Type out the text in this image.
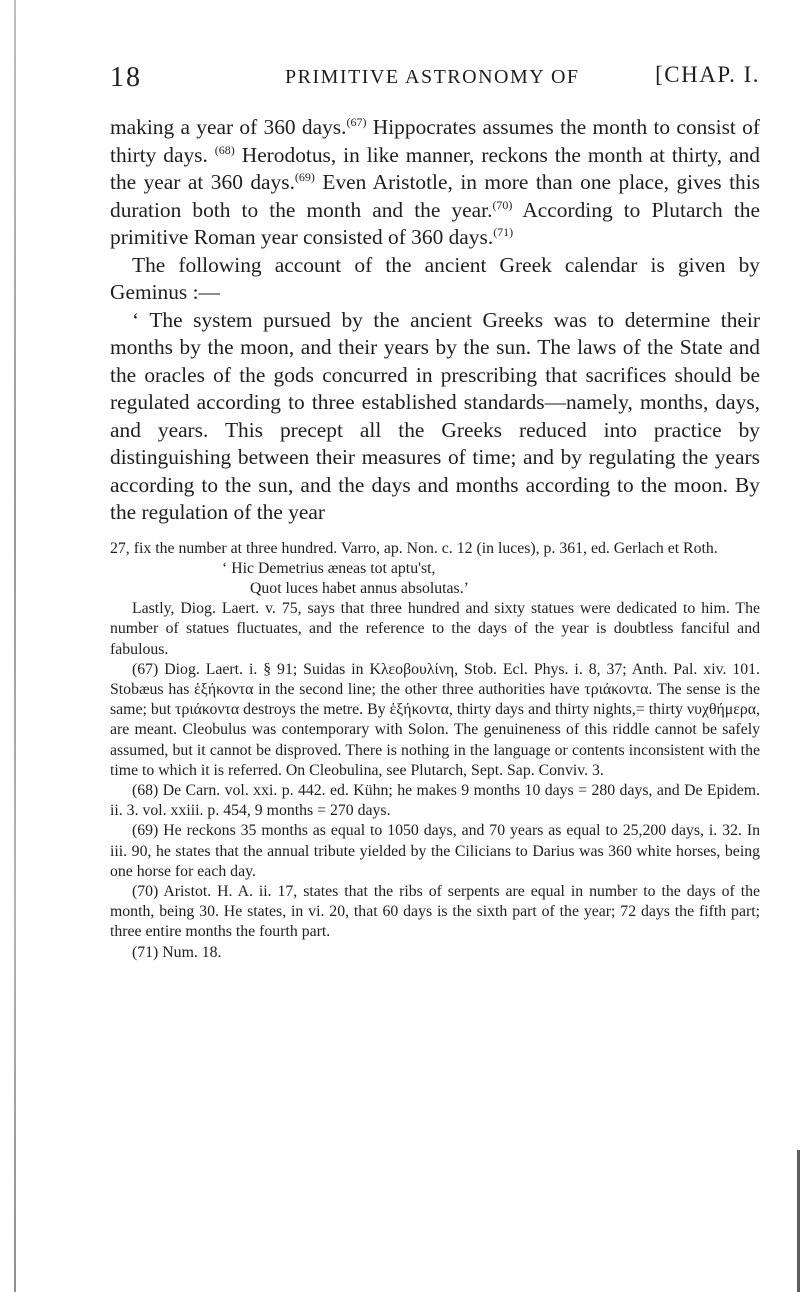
18	PRIMITIVE ASTRONOMY OF	[CHAP. I.

making a year of 360 days.$^{(67)}$ Hippocrates assumes the month to consist of thirty days. $^{(68)}$ Herodotus, in like manner, reckons the month at thirty, and the year at 360 days.$^{(69)}$ Even Aristotle, in more than one place, gives this duration both to the month and the year.$^{(70)}$ According to Plutarch the primitive Roman year consisted of 360 days.$^{(71)}$

The following account of the ancient Greek calendar is given by Geminus :—

‘ The system pursued by the ancient Greeks was to determine their months by the moon, and their years by the sun. The laws of the State and the oracles of the gods concurred in prescribing that sacrifices should be regulated according to three established standards—namely, months, days, and years. This precept all the Greeks reduced into practice by distinguishing between their measures of time; and by regulating the years according to the sun, and the days and months according to the moon. By the regulation of the year

27, fix the number at three hundred. Varro, ap. Non. c. 12 (in luces), p. 361, ed. Gerlach et Roth.

‘ Hic Demetrius æneas tot aptu'st,

Quot luces habet annus absolutas.’

Lastly, Diog. Laert. v. 75, says that three hundred and sixty statues were dedicated to him. The number of statues fluctuates, and the reference to the days of the year is doubtless fanciful and fabulous.

(67) Diog. Laert. i. § 91; Suidas in Κλεοβουλίνη, Stob. Ecl. Phys. i. 8, 37; Anth. Pal. xiv. 101. Stobæus has ἑξήκοντα in the second line; the other three authorities have τριάκοντα. The sense is the same; but τριάκοντα destroys the metre. By ἑξήκοντα, thirty days and thirty nights,= thirty νυχθήμερα, are meant. Cleobulus was contemporary with Solon. The genuineness of this riddle cannot be safely assumed, but it cannot be disproved. There is nothing in the language or contents inconsistent with the time to which it is referred. On Cleobulina, see Plutarch, Sept. Sap. Conviv. 3.

(68) De Carn. vol. xxi. p. 442. ed. Kühn; he makes 9 months 10 days = 280 days, and De Epidem. ii. 3. vol. xxiii. p. 454, 9 months = 270 days.

(69) He reckons 35 months as equal to 1050 days, and 70 years as equal to 25,200 days, i. 32. In iii. 90, he states that the annual tribute yielded by the Cilicians to Darius was 360 white horses, being one horse for each day.

(70) Aristot. H. A. ii. 17, states that the ribs of serpents are equal in number to the days of the month, being 30. He states, in vi. 20, that 60 days is the sixth part of the year; 72 days the fifth part; three entire months the fourth part.

(71) Num. 18.
